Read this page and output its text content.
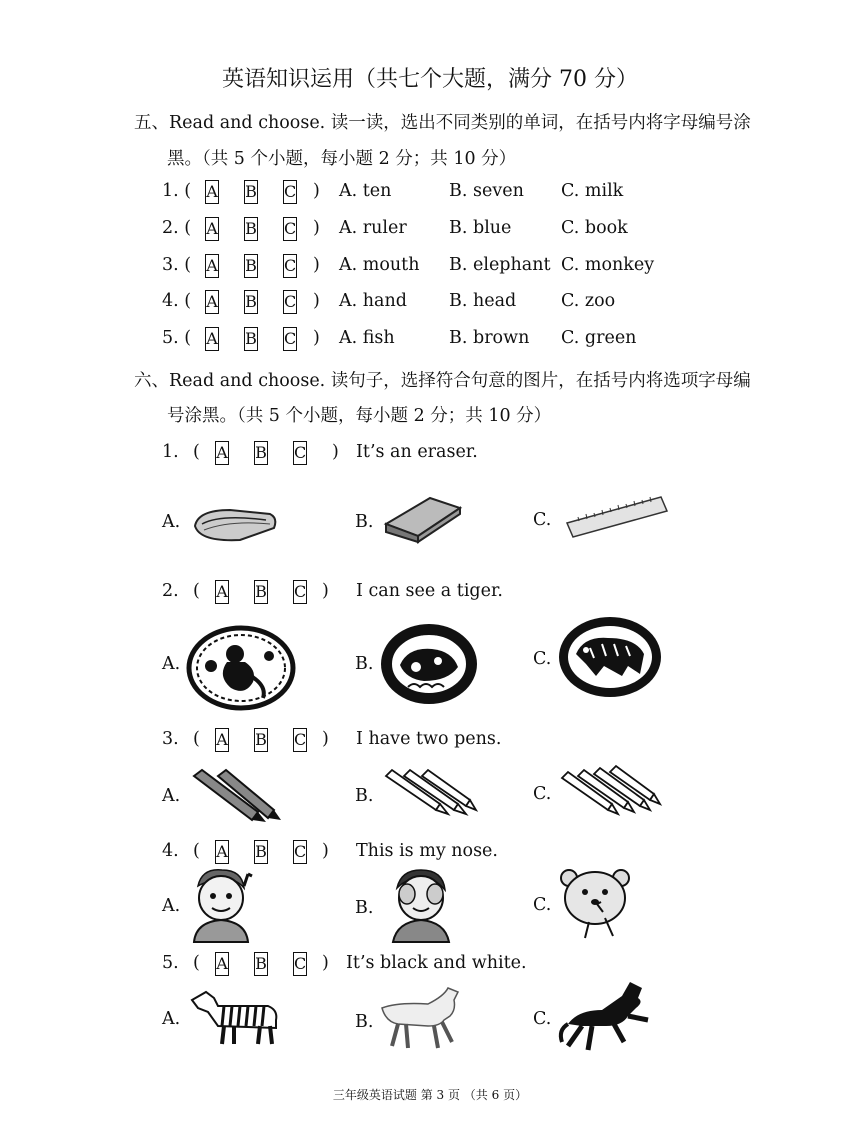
英语知识运用（共七个大题，满分 70 分）
五、Read and choose. 读一读，选出不同类别的单词，在括号内将字母编号涂
黑。（共 5 个小题，每小题 2 分；共 10 分）
1. ( A B C ) A. ten	B. seven C. milk
2. ( A B C ) A. ruler B. blue	C. book
3. ( A B C ) A. mouth B. elephant C. monkey
4. ( A B C ) A. hand B. head	C. zoo
5. ( A B C ) A. fish	B. brown C. green
六、Read and choose. 读句子，选择符合句意的图片，在括号内将选项字母编
号涂黑。（共 5 个小题，每小题 2 分；共 10 分）
1. ( A B C ) It’s an eraser.
A.	B.	C.
2. ( A B C ) I can see a tiger.
A.	B.	C.
3. ( A B C ) I have two pens.
A.	B.	C.
4. ( A B C ) This is my nose.
A.	B.	C.
5. ( A B C ) It’s black and white.
A.	B.	C.
三年级英语试题 第 3 页 （共 6 页）
